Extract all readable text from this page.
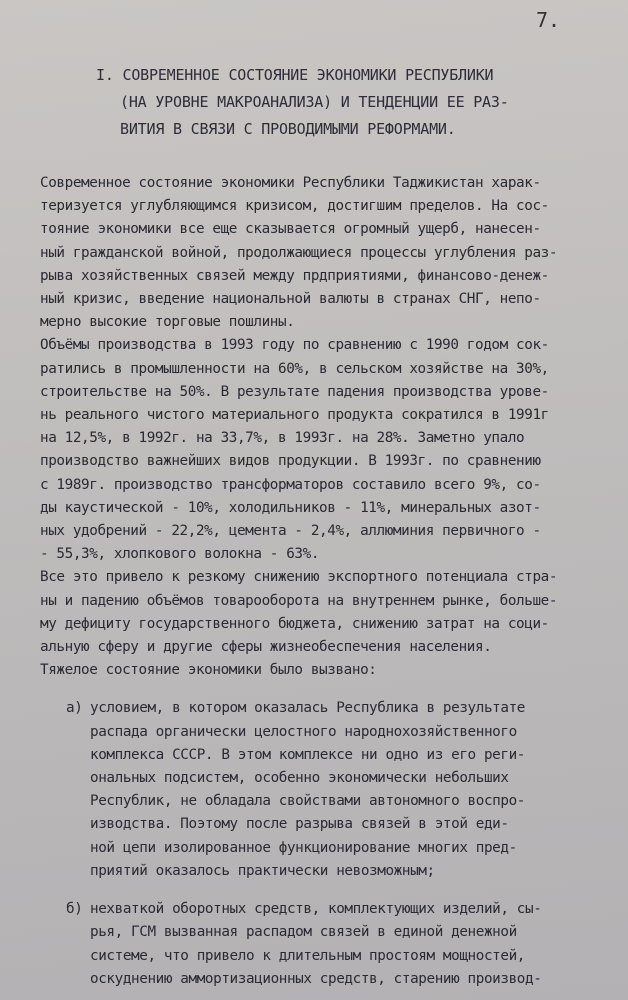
7.
I. СОВРЕМЕННОЕ СОСТОЯНИЕ ЭКОНОМИКИ РЕСПУБЛИКИ
(НА УРОВНЕ МАКРОАНАЛИЗА) И ТЕНДЕНЦИИ ЕЕ РАЗ-
ВИТИЯ В СВЯЗИ С ПРОВОДИМЫМИ РЕФОРМАМИ.
Современное состояние экономики Республики Таджикистан харак-
теризуется углубляющимся кризисом, достигшим пределов. На сос-
тояние экономики все еще сказывается огромный ущерб, нанесен-
ный гражданской войной, продолжающиеся процессы углубления раз-
рыва хозяйственных связей между прдприятиями, финансово-денеж-
ный кризис, введение национальной валюты в странах СНГ, непо-
мерно высокие торговые пошлины.
Объёмы производства в 1993 году по сравнению с 1990 годом сок-
ратились в промышленности на 60%, в сельском хозяйстве на 30%,
строительстве на 50%. В результате падения производства урове-
нь реального чистого материального продукта сократился в 1991г
на 12,5%, в 1992г. на 33,7%, в 1993г. на 28%. Заметно упало
производство важнейших видов продукции. В 1993г. по сравнению
с 1989г. производство трансформаторов составило всего 9%, со-
ды каустической - 10%, холодильников - 11%, минеральных азот-
ных удобрений - 22,2%, цемента - 2,4%, аллюминия первичного -
- 55,3%, хлопкового волокна - 63%.
Все это привело к резкому снижению экспортного потенциала стра-
ны и падению объёмов товарооборота на внутреннем рынке, больше-
му дефициту государственного бюджета, снижению затрат на соци-
альную сферу и другие сферы жизнеобеспечения населения.
Тяжелое состояние экономики было вызвано:
а) условием, в котором оказалась Республика в результате
распада органически целостного народнохозяйственного
комплекса СССР. В этом комплексе ни одно из его реги-
ональных подсистем, особенно экономически небольших
Республик, не обладала свойствами автономного воспро-
изводства. Поэтому после разрыва связей в этой еди-
ной цепи изолированное функционирование многих пред-
приятий оказалось практически невозможным;
б) нехваткой оборотных средств, комплектующих изделий, сы-
рья, ГСМ вызванная распадом связей в единой денежной
системе, что привело к длительным простоям мощностей,
оскуднению аммортизационных средств, старению производ-
